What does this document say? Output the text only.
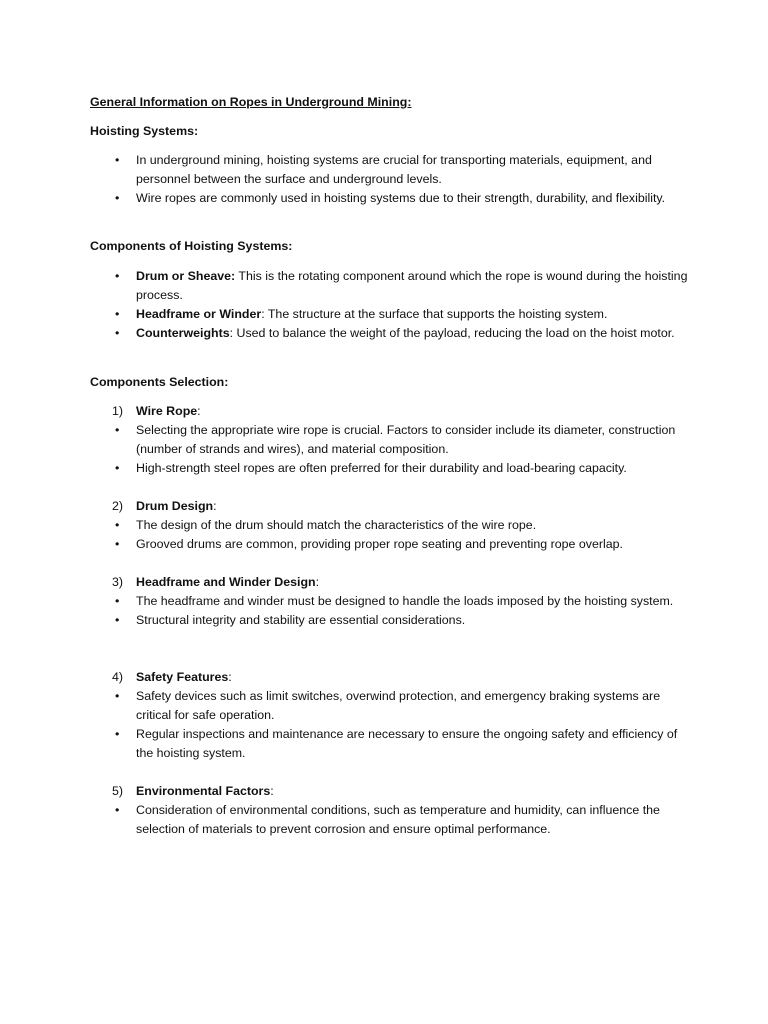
General Information on Ropes in Underground Mining:
Hoisting Systems:
•	In underground mining, hoisting systems are crucial for transporting materials, equipment, and personnel between the surface and underground levels.
•	Wire ropes are commonly used in hoisting systems due to their strength, durability, and flexibility.
Components of Hoisting Systems:
•	Drum or Sheave: This is the rotating component around which the rope is wound during the hoisting process.
•	Headframe or Winder: The structure at the surface that supports the hoisting system.
•	Counterweights: Used to balance the weight of the payload, reducing the load on the hoist motor.
Components Selection:
1) Wire Rope:
•	Selecting the appropriate wire rope is crucial. Factors to consider include its diameter, construction (number of strands and wires), and material composition.
•	High-strength steel ropes are often preferred for their durability and load-bearing capacity.
2) Drum Design:
•	The design of the drum should match the characteristics of the wire rope.
•	Grooved drums are common, providing proper rope seating and preventing rope overlap.
3) Headframe and Winder Design:
•	The headframe and winder must be designed to handle the loads imposed by the hoisting system.
•	Structural integrity and stability are essential considerations.
4) Safety Features:
•	Safety devices such as limit switches, overwind protection, and emergency braking systems are critical for safe operation.
•	Regular inspections and maintenance are necessary to ensure the ongoing safety and efficiency of the hoisting system.
5) Environmental Factors:
•	Consideration of environmental conditions, such as temperature and humidity, can influence the selection of materials to prevent corrosion and ensure optimal performance.
